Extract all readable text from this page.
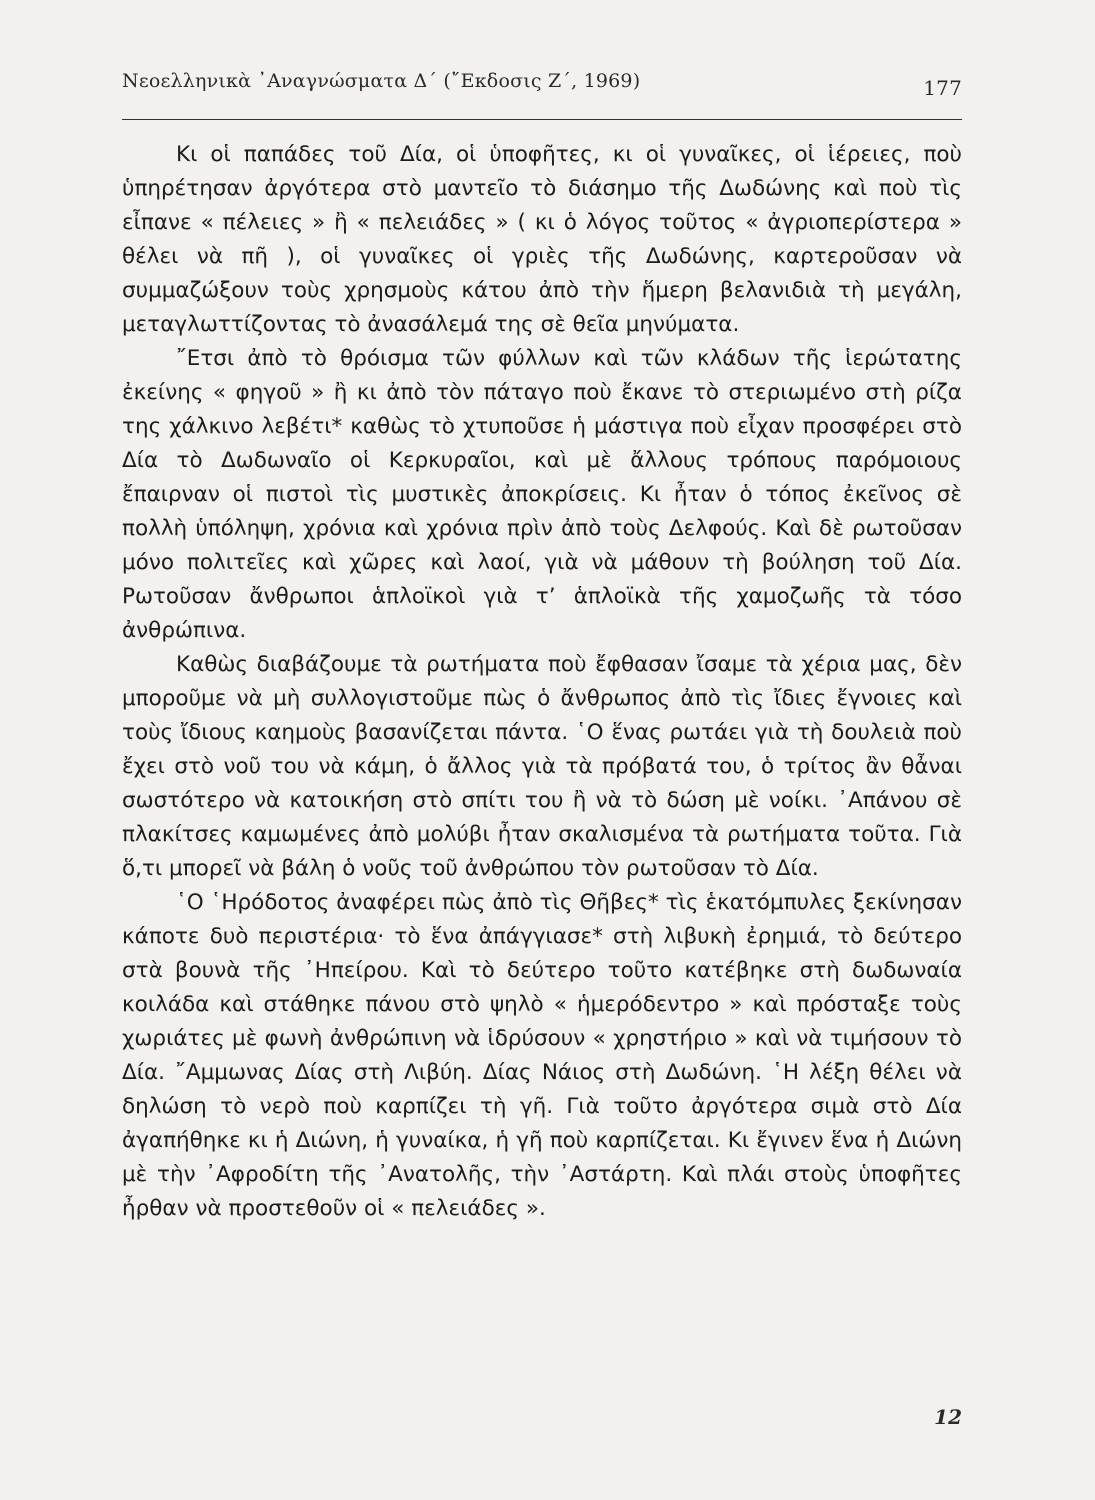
Νεοελληνικὰ ᾿Αναγνώσματα Δ΄ (῎Εκδοσις Ζ΄, 1969)	177

Κι οἱ παπάδες τοῦ Δία, οἱ ὑποφῆτες, κι οἱ γυναῖκες, οἱ ἱέρειες, ποὺ ὑπηρέτησαν ἀργότερα στὸ μαντεῖο τὸ διάσημο τῆς Δωδώνης καὶ ποὺ τὶς εἶπανε « πέλειες » ἢ « πελειάδες » ( κι ὁ λόγος τοῦτος « ἀγριοπερίστερα » θέλει νὰ πῆ ), οἱ γυναῖκες οἱ γριὲς τῆς Δωδώνης, καρτεροῦσαν νὰ συμμαζώξουν τοὺς χρησμοὺς κάτου ἀπὸ τὴν ἥμερη βελανιδιὰ τὴ μεγάλη, μεταγλωττίζοντας τὸ ἀνασάλεμά της σὲ θεῖα μηνύματα.

῎Ετσι ἀπὸ τὸ θρόισμα τῶν φύλλων καὶ τῶν κλάδων τῆς ἱερώτατης ἐκείνης « φηγοῦ » ἢ κι ἀπὸ τὸν πάταγο ποὺ ἔκανε τὸ στεριωμένο στὴ ρίζα της χάλκινο λεβέτι* καθὼς τὸ χτυποῦσε ἡ μάστιγα ποὺ εἶχαν προσφέρει στὸ Δία τὸ Δωδωναῖο οἱ Κερκυραῖοι, καὶ μὲ ἄλλους τρόπους παρόμοιους ἔπαιρναν οἱ πιστοὶ τὶς μυστικὲς ἀποκρίσεις. Κι ἦταν ὁ τόπος ἐκεῖνος σὲ πολλὴ ὑπόληψη, χρόνια καὶ χρόνια πρὶν ἀπὸ τοὺς Δελφούς. Καὶ δὲ ρωτοῦσαν μόνο πολιτεῖες καὶ χῶρες καὶ λαοί, γιὰ νὰ μάθουν τὴ βούληση τοῦ Δία. Ρωτοῦσαν ἄνθρωποι ἁπλοϊκοὶ γιὰ τ’ ἁπλοϊκὰ τῆς χαμοζωῆς τὰ τόσο ἀνθρώπινα.

Καθὼς διαβάζουμε τὰ ρωτήματα ποὺ ἔφθασαν ἴσαμε τὰ χέρια μας, δὲν μποροῦμε νὰ μὴ συλλογιστοῦμε πὼς ὁ ἄνθρωπος ἀπὸ τὶς ἴδιες ἔγνοιες καὶ τοὺς ἴδιους καημοὺς βασανίζεται πάντα. ῾Ο ἕνας ρωτάει γιὰ τὴ δουλειὰ ποὺ ἔχει στὸ νοῦ του νὰ κάμη, ὁ ἄλλος γιὰ τὰ πρόβατά του, ὁ τρίτος ἂν θἆναι σωστότερο νὰ κατοικήση στὸ σπίτι του ἢ νὰ τὸ δώση μὲ νοίκι. ᾿Απάνου σὲ πλακίτσες καμωμένες ἀπὸ μολύβι ἦταν σκαλισμένα τὰ ρωτήματα τοῦτα. Γιὰ ὅ,τι μπορεῖ νὰ βάλη ὁ νοῦς τοῦ ἀνθρώπου τὸν ρωτοῦσαν τὸ Δία.

῾Ο ῾Ηρόδοτος ἀναφέρει πὼς ἀπὸ τὶς Θῆβες* τὶς ἑκατόμπυλες ξεκίνησαν κάποτε δυὸ περιστέρια· τὸ ἕνα ἀπάγγιασε* στὴ λιβυκὴ ἐρημιά, τὸ δεύτερο στὰ βουνὰ τῆς ᾿Ηπείρου. Καὶ τὸ δεύτερο τοῦτο κατέβηκε στὴ δωδωναία κοιλάδα καὶ στάθηκε πάνου στὸ ψηλὸ « ἡμερόδεντρο » καὶ πρόσταξε τοὺς χωριάτες μὲ φωνὴ ἀνθρώπινη νὰ ἱδρύσουν « χρηστήριο » καὶ νὰ τιμήσουν τὸ Δία. ῎Αμμωνας Δίας στὴ Λιβύη. Δίας Νάιος στὴ Δωδώνη. ῾Η λέξη θέλει νὰ δηλώση τὸ νερὸ ποὺ καρπίζει τὴ γῆ. Γιὰ τοῦτο ἀργότερα σιμὰ στὸ Δία ἀγαπήθηκε κι ἡ Διώνη, ἡ γυναίκα, ἡ γῆ ποὺ καρπίζεται. Κι ἔγινεν ἕνα ἡ Διώνη μὲ τὴν ᾿Αφροδίτη τῆς ᾿Ανατολῆς, τὴν ᾿Αστάρτη. Καὶ πλάι στοὺς ὑποφῆτες ἦρθαν νὰ προστεθοῦν οἱ « πελειάδες ».

12
